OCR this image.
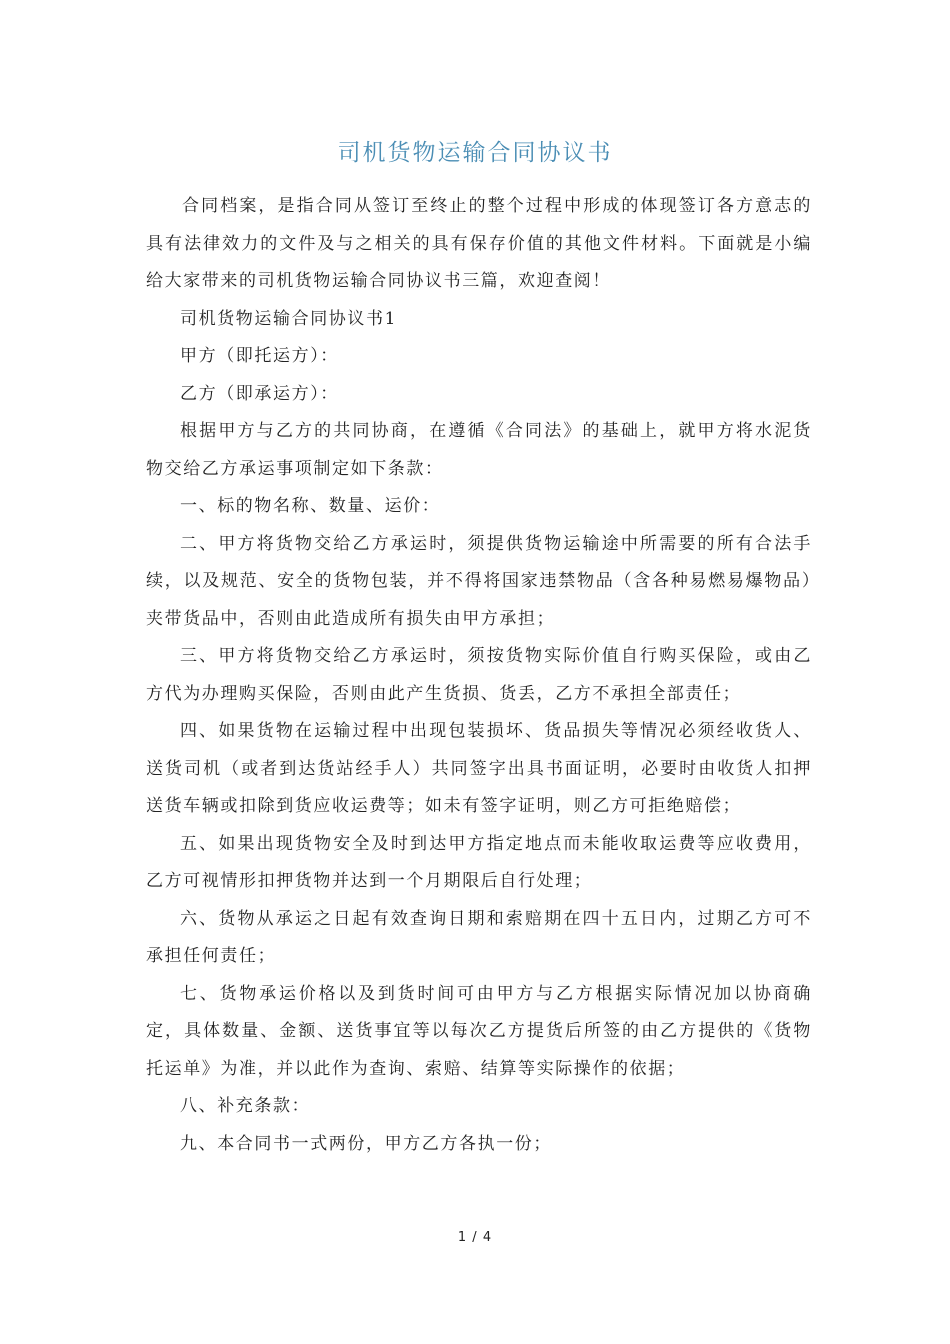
司机货物运输合同协议书

合同档案，是指合同从签订至终止的整个过程中形成的体现签订各方意志的具有法律效力的文件及与之相关的具有保存价值的其他文件材料。下面就是小编给大家带来的司机货物运输合同协议书三篇，欢迎查阅！

司机货物运输合同协议书1

甲方（即托运方）：

乙方（即承运方）：

根据甲方与乙方的共同协商，在遵循《合同法》的基础上，就甲方将水泥货物交给乙方承运事项制定如下条款：

一、标的物名称、数量、运价：

二、甲方将货物交给乙方承运时，须提供货物运输途中所需要的所有合法手续，以及规范、安全的货物包装，并不得将国家违禁物品（含各种易燃易爆物品）夹带货品中，否则由此造成所有损失由甲方承担；

三、甲方将货物交给乙方承运时，须按货物实际价值自行购买保险，或由乙方代为办理购买保险，否则由此产生货损、货丢，乙方不承担全部责任；

四、如果货物在运输过程中出现包装损坏、货品损失等情况必须经收货人、送货司机（或者到达货站经手人）共同签字出具书面证明，必要时由收货人扣押送货车辆或扣除到货应收运费等；如未有签字证明，则乙方可拒绝赔偿；

五、如果出现货物安全及时到达甲方指定地点而未能收取运费等应收费用，乙方可视情形扣押货物并达到一个月期限后自行处理；

六、货物从承运之日起有效查询日期和索赔期在四十五日内，过期乙方可不承担任何责任；

七、货物承运价格以及到货时间可由甲方与乙方根据实际情况加以协商确定，具体数量、金额、送货事宜等以每次乙方提货后所签的由乙方提供的《货物托运单》为准，并以此作为查询、索赔、结算等实际操作的依据；

八、补充条款：

九、本合同书一式两份，甲方乙方各执一份；

1 / 4
